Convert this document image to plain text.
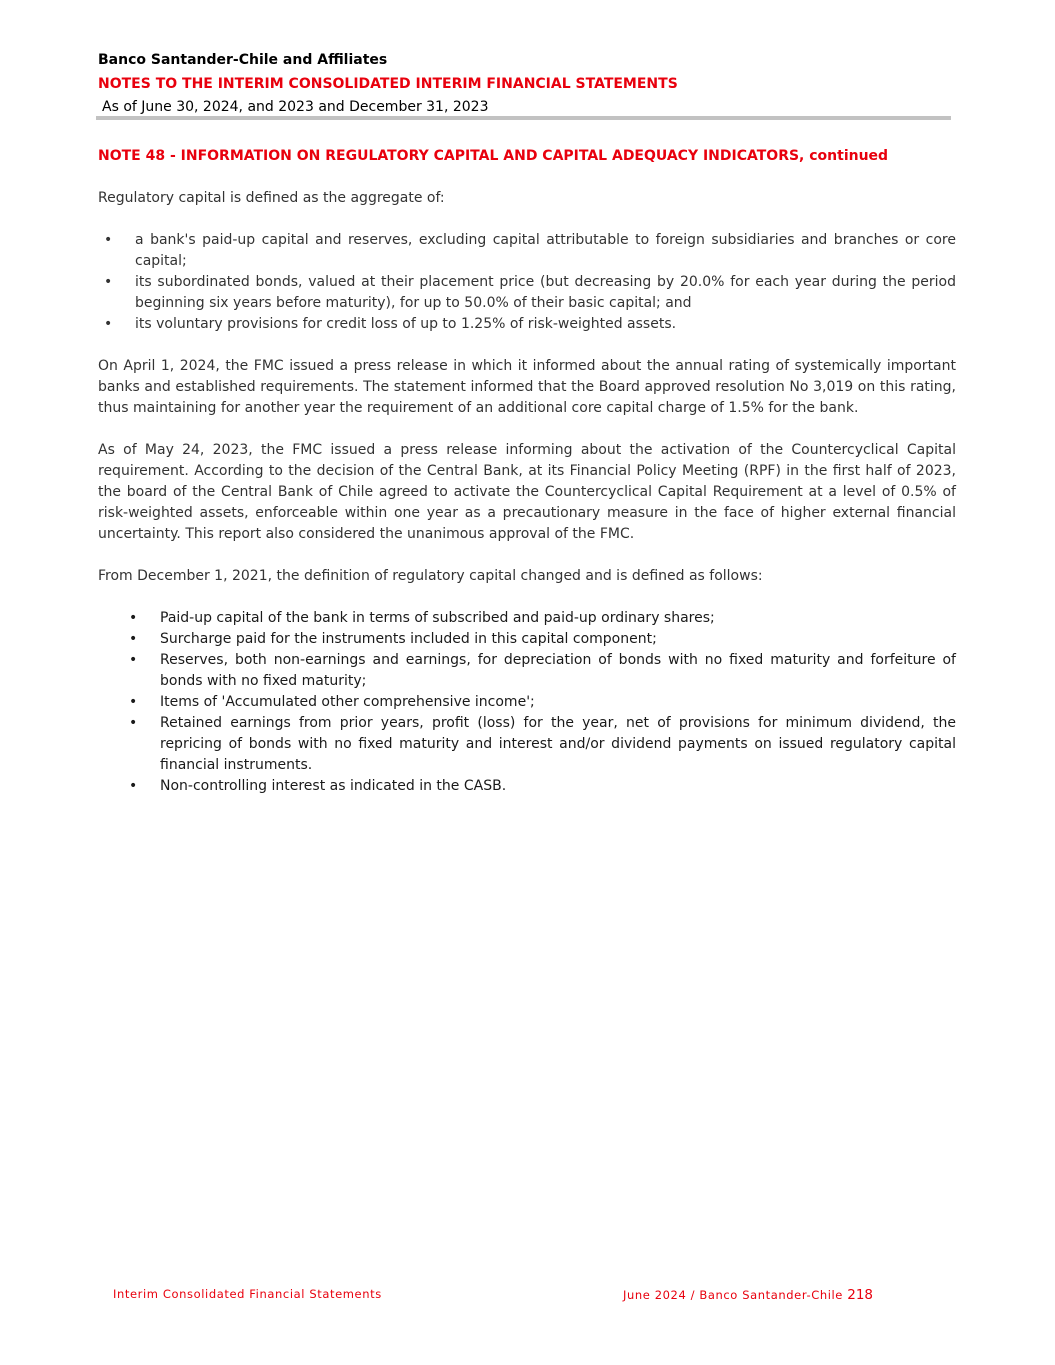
Banco Santander-Chile and Affiliates
NOTES TO THE INTERIM CONSOLIDATED INTERIM FINANCIAL STATEMENTS
As of June 30, 2024, and 2023 and December 31, 2023

NOTE 48 - INFORMATION ON REGULATORY CAPITAL AND CAPITAL ADEQUACY INDICATORS, continued

Regulatory capital is defined as the aggregate of:

• a bank's paid-up capital and reserves, excluding capital attributable to foreign subsidiaries and branches or core capital;
• its subordinated bonds, valued at their placement price (but decreasing by 20.0% for each year during the period beginning six years before maturity), for up to 50.0% of their basic capital; and
• its voluntary provisions for credit loss of up to 1.25% of risk-weighted assets.

On April 1, 2024, the FMC issued a press release in which it informed about the annual rating of systemically important banks and established requirements. The statement informed that the Board approved resolution No 3,019 on this rating, thus maintaining for another year the requirement of an additional core capital charge of 1.5% for the bank.

As of May 24, 2023, the FMC issued a press release informing about the activation of the Countercyclical Capital requirement. According to the decision of the Central Bank, at its Financial Policy Meeting (RPF) in the first half of 2023, the board of the Central Bank of Chile agreed to activate the Countercyclical Capital Requirement at a level of 0.5% of risk-weighted assets, enforceable within one year as a precautionary measure in the face of higher external financial uncertainty. This report also considered the unanimous approval of the FMC.

From December 1, 2021, the definition of regulatory capital changed and is defined as follows:

• Paid-up capital of the bank in terms of subscribed and paid-up ordinary shares;
• Surcharge paid for the instruments included in this capital component;
• Reserves, both non-earnings and earnings, for depreciation of bonds with no fixed maturity and forfeiture of bonds with no fixed maturity;
• Items of 'Accumulated other comprehensive income';
• Retained earnings from prior years, profit (loss) for the year, net of provisions for minimum dividend, the repricing of bonds with no fixed maturity and interest and/or dividend payments on issued regulatory capital financial instruments.
• Non-controlling interest as indicated in the CASB.
Interim Consolidated Financial Statements	June 2024 / Banco Santander-Chile 218
